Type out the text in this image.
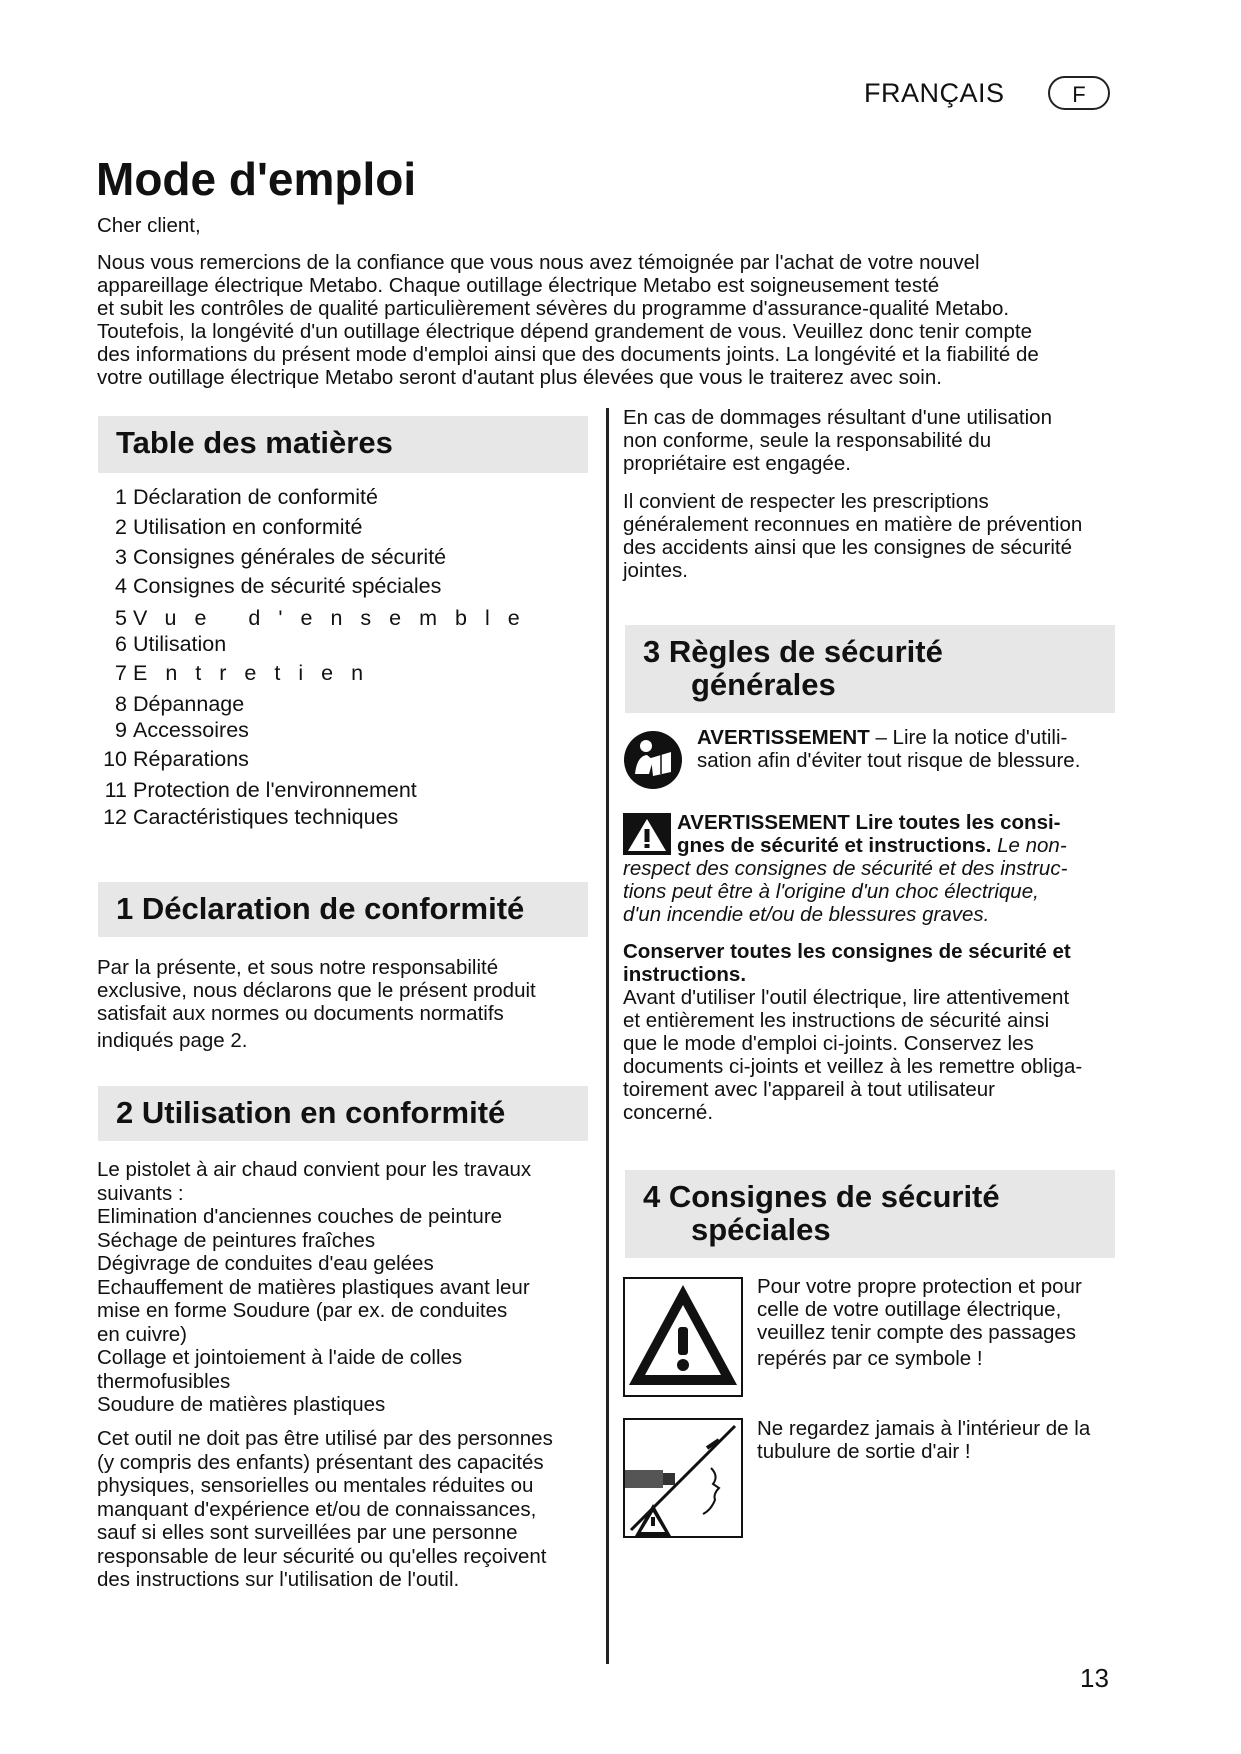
FRANÇAIS	F
Mode d'emploi
Cher client,
Nous vous remercions de la confiance que vous nous avez témoignée par l'achat de votre nouvel
appareillage électrique Metabo. Chaque outillage électrique Metabo est soigneusement testé
et subit les contrôles de qualité particulièrement sévères du programme d'assurance-qualité Metabo.
Toutefois, la longévité d'un outillage électrique dépend grandement de vous. Veuillez donc tenir compte
des informations du présent mode d'emploi ainsi que des documents joints. La longévité et la fiabilité de
votre outillage électrique Metabo seront d'autant plus élevées que vous le traiterez avec soin.
Table des matières
1 Déclaration de conformité
2 Utilisation en conformité
3 Consignes générales de sécurité
4 Consignes de sécurité spéciales
5 Vue d'ensemble
6 Utilisation
7 Entretien
8 Dépannage
9 Accessoires
10 Réparations
11 Protection de l'environnement
12 Caractéristiques techniques
1 Déclaration de conformité
Par la présente, et sous notre responsabilité
exclusive, nous déclarons que le présent produit
satisfait aux normes ou documents normatifs
indiqués page 2.
2 Utilisation en conformité
Le pistolet à air chaud convient pour les travaux
suivants :
Elimination d'anciennes couches de peinture
Séchage de peintures fraîches
Dégivrage de conduites d'eau gelées
Echauffement de matières plastiques avant leur
mise en forme Soudure (par ex. de conduites
en cuivre)
Collage et jointoiement à l'aide de colles
thermofusibles
Soudure de matières plastiques
Cet outil ne doit pas être utilisé par des personnes
(y compris des enfants) présentant des capacités
physiques, sensorielles ou mentales réduites ou
manquant d'expérience et/ou de connaissances,
sauf si elles sont surveillées par une personne
responsable de leur sécurité ou qu'elles reçoivent
des instructions sur l'utilisation de l'outil.
En cas de dommages résultant d'une utilisation
non conforme, seule la responsabilité du
propriétaire est engagée.
Il convient de respecter les prescriptions
généralement reconnues en matière de prévention
des accidents ainsi que les consignes de sécurité
jointes.
3 Règles de sécurité
générales
AVERTISSEMENT – Lire la notice d'utili-
sation afin d'éviter tout risque de blessure.
AVERTISSEMENT Lire toutes les consi-
gnes de sécurité et instructions. Le non-
respect des consignes de sécurité et des instruc-
tions peut être à l'origine d'un choc électrique,
d'un incendie et/ou de blessures graves.
Conserver toutes les consignes de sécurité et
instructions.
Avant d'utiliser l'outil électrique, lire attentivement
et entièrement les instructions de sécurité ainsi
que le mode d'emploi ci-joints. Conservez les
documents ci-joints et veillez à les remettre obliga-
toirement avec l'appareil à tout utilisateur
concerné.
4 Consignes de sécurité
spéciales
Pour votre propre protection et pour
celle de votre outillage électrique,
veuillez tenir compte des passages
repérés par ce symbole !
Ne regardez jamais à l'intérieur de la
tubulure de sortie d'air !
13
